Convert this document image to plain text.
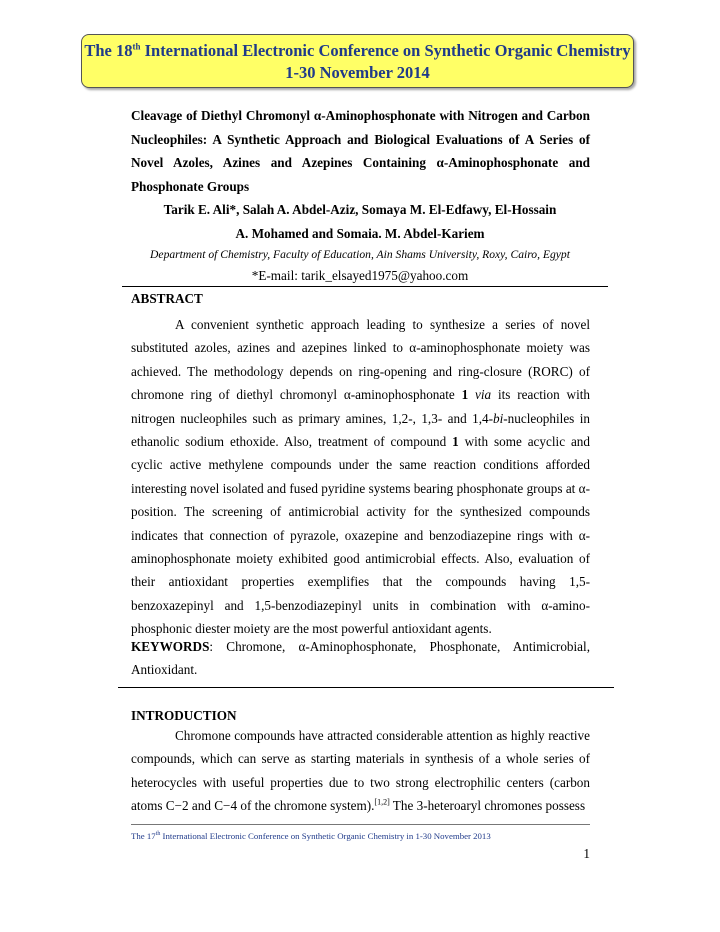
The 18th International Electronic Conference on Synthetic Organic Chemistry
1-30 November 2014
Cleavage of Diethyl Chromonyl α-Aminophosphonate with Nitrogen and Carbon Nucleophiles: A Synthetic Approach and Biological Evaluations of A Series of Novel Azoles, Azines and Azepines Containing α-Aminophosphonate and Phosphonate Groups
Tarik E. Ali*, Salah A. Abdel-Aziz, Somaya M. El-Edfawy, El-Hossain
A. Mohamed and Somaia. M. Abdel-Kariem
Department of Chemistry, Faculty of Education, Ain Shams University, Roxy, Cairo, Egypt
*E-mail: tarik_elsayed1975@yahoo.com
ABSTRACT

A convenient synthetic approach leading to synthesize a series of novel substituted azoles, azines and azepines linked to α-aminophosphonate moiety was achieved. The methodology depends on ring-opening and ring-closure (RORC) of chromone ring of diethyl chromonyl α-aminophosphonate 1 via its reaction with nitrogen nucleophiles such as primary amines, 1,2-, 1,3- and 1,4-bi-nucleophiles in ethanolic sodium ethoxide. Also, treatment of compound 1 with some acyclic and cyclic active methylene compounds under the same reaction conditions afforded interesting novel isolated and fused pyridine systems bearing phosphonate groups at α-position. The screening of antimicrobial activity for the synthesized compounds indicates that connection of pyrazole, oxazepine and benzodiazepine rings with α-aminophosphonate moiety exhibited good antimicrobial effects. Also, evaluation of their antioxidant properties exemplifies that the compounds having 1,5-benzoxazepinyl and 1,5-benzodiazepinyl units in combination with α-amino-phosphonic diester moiety are the most powerful antioxidant agents.

KEYWORDS: Chromone, α-Aminophosphonate, Phosphonate, Antimicrobial, Antioxidant.
INTRODUCTION

Chromone compounds have attracted considerable attention as highly reactive compounds, which can serve as starting materials in synthesis of a whole series of heterocycles with useful properties due to two strong electrophilic centers (carbon atoms C−2 and C−4 of the chromone system).[1,2] The 3-heteroaryl chromones possess

The 17th International Electronic Conference on Synthetic Organic Chemistry in 1-30 November 2013
1
